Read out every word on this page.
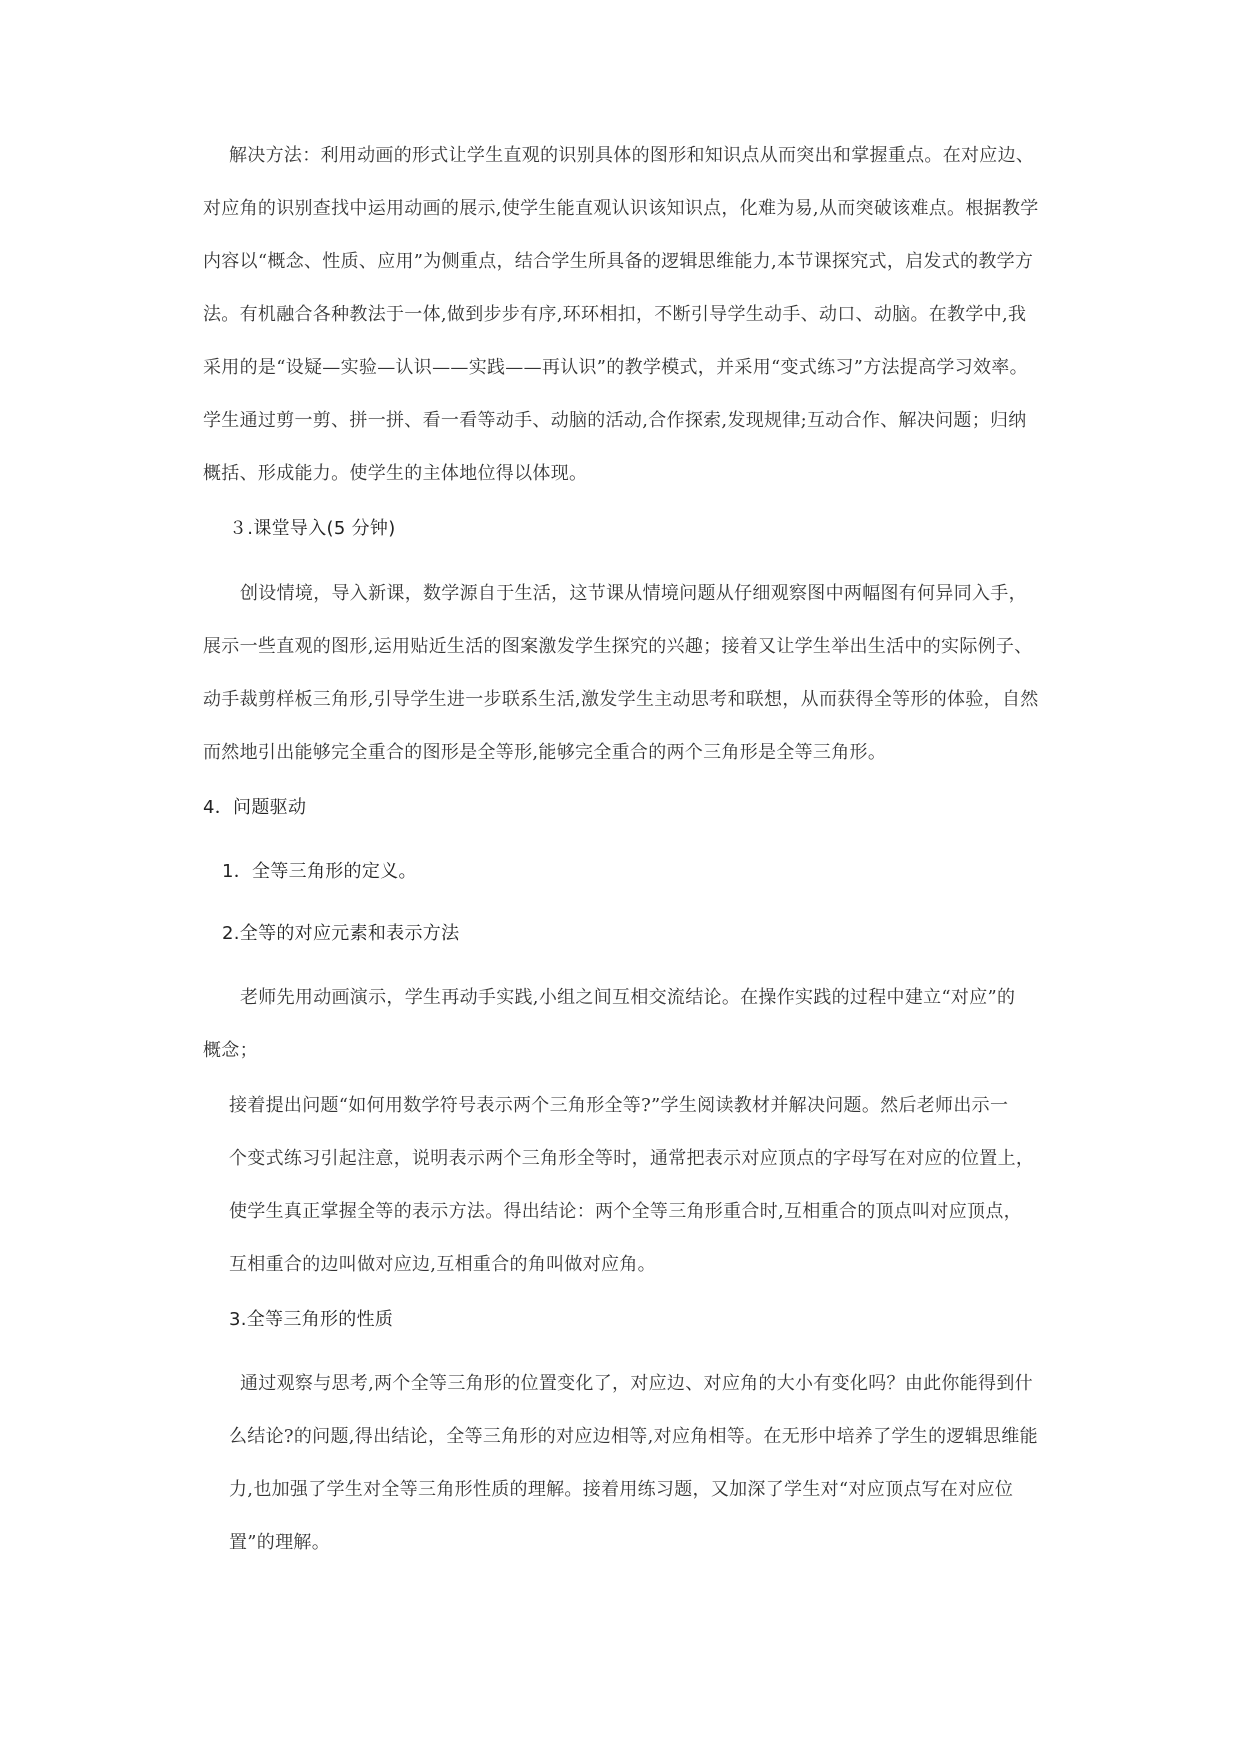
解决方法：利用动画的形式让学生直观的识别具体的图形和知识点从而突出和掌握重点。在对应边、
对应角的识别查找中运用动画的展示,使学生能直观认识该知识点，化难为易,从而突破该难点。根据教学
内容以“概念、性质、应用”为侧重点，结合学生所具备的逻辑思维能力,本节课探究式，启发式的教学方
法。有机融合各种教法于一体,做到步步有序,环环相扣，不断引导学生动手、动口、动脑。在教学中,我
采用的是“设疑—实验—认识——实践——再认识”的教学模式，并采用“变式练习”方法提高学习效率。
学生通过剪一剪、拼一拼、看一看等动手、动脑的活动,合作探索,发现规律;互动合作、解决问题；归纳
概括、形成能力。使学生的主体地位得以体现。
３.课堂导入(5 分钟)
创设情境，导入新课，数学源自于生活，这节课从情境问题从仔细观察图中两幅图有何异同入手，
展示一些直观的图形,运用贴近生活的图案激发学生探究的兴趣；接着又让学生举出生活中的实际例子、
动手裁剪样板三角形,引导学生进一步联系生活,激发学生主动思考和联想，从而获得全等形的体验，自然
而然地引出能够完全重合的图形是全等形,能够完全重合的两个三角形是全等三角形。
4．问题驱动
1．全等三角形的定义。
2.全等的对应元素和表示方法
老师先用动画演示，学生再动手实践,小组之间互相交流结论。在操作实践的过程中建立“对应”的
概念；
接着提出问题“如何用数学符号表示两个三角形全等?”学生阅读教材并解决问题。然后老师出示一
个变式练习引起注意，说明表示两个三角形全等时，通常把表示对应顶点的字母写在对应的位置上，
使学生真正掌握全等的表示方法。得出结论：两个全等三角形重合时,互相重合的顶点叫对应顶点，
互相重合的边叫做对应边,互相重合的角叫做对应角。
3.全等三角形的性质
通过观察与思考,两个全等三角形的位置变化了，对应边、对应角的大小有变化吗？由此你能得到什
么结论?的问题,得出结论，全等三角形的对应边相等,对应角相等。在无形中培养了学生的逻辑思维能
力,也加强了学生对全等三角形性质的理解。接着用练习题，又加深了学生对“对应顶点写在对应位
置”的理解。
